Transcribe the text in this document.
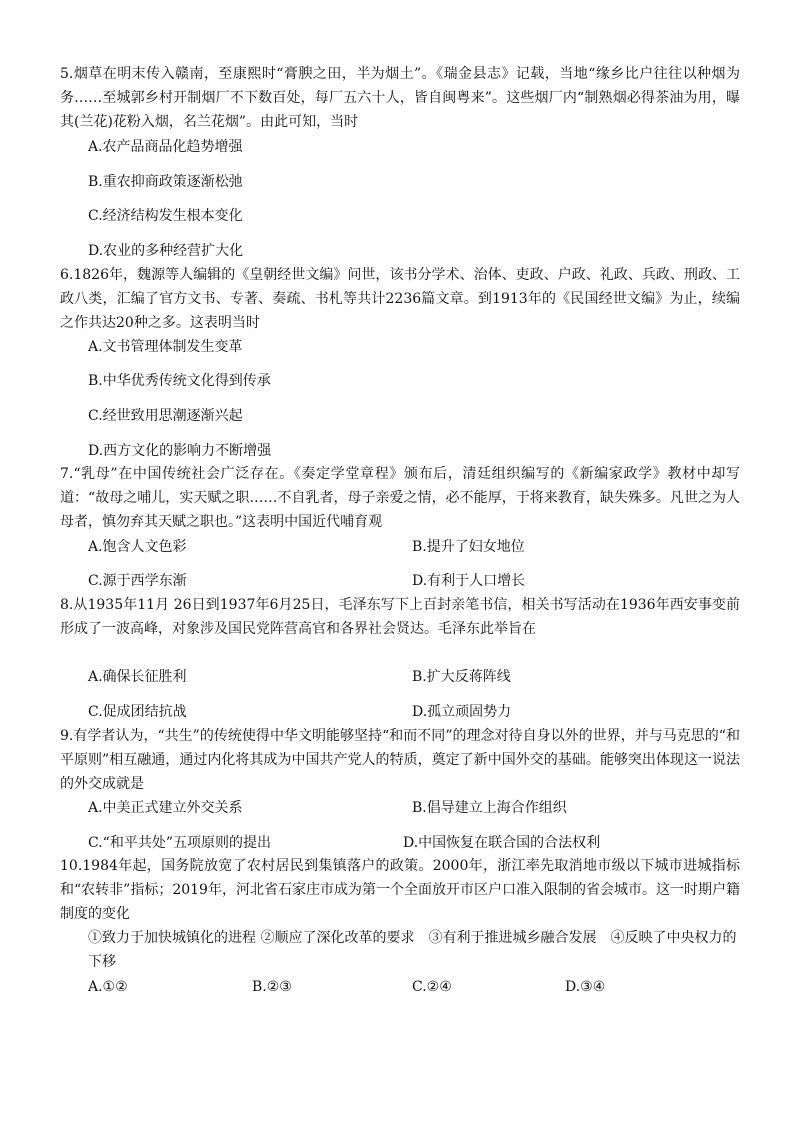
5.烟草在明末传入赣南，至康熙时“膏腴之田，半为烟土”。《瑞金县志》记载，当地“缘乡比户往往以种烟为务……至城郭乡村开制烟厂不下数百处，每厂五六十人，皆自闽粤来”。这些烟厂内“制熟烟必得茶油为用，曝其(兰花)花粉入烟，名兰花烟”。由此可知，当时

A.农产品商品化趋势增强
B.重农抑商政策逐渐松弛
C.经济结构发生根本变化
D.农业的多种经营扩大化

6.1826年，魏源等人编辑的《皇朝经世文编》问世，该书分学术、治体、吏政、户政、礼政、兵政、刑政、工政八类，汇编了官方文书、专著、奏疏、书札等共计2236篇文章。到1913年的《民国经世文编》为止，续编之作共达20种之多。这表明当时

A.文书管理体制发生变革
B.中华优秀传统文化得到传承
C.经世致用思潮逐渐兴起
D.西方文化的影响力不断增强

7.“乳母”在中国传统社会广泛存在。《奏定学堂章程》颁布后，清廷组织编写的《新编家政学》教材中却写道：“故母之哺儿，实天赋之职……不自乳者，母子亲爱之情，必不能厚，于将来教育，缺失殊多。凡世之为人母者，慎勿弃其天赋之职也。”这表明中国近代哺育观

A.饱含人文色彩	B.提升了妇女地位
C.源于西学东渐	D.有利于人口增长

8.从1935年11月 26日到1937年6月25日，毛泽东写下上百封亲笔书信，相关书写活动在1936年西安事变前形成了一波高峰，对象涉及国民党阵营高官和各界社会贤达。毛泽东此举旨在

A.确保长征胜利	B.扩大反蒋阵线
C.促成团结抗战	D.孤立顽固势力

9.有学者认为，“共生”的传统使得中华文明能够坚持“和而不同”的理念对待自身以外的世界，并与马克思的“和平原则”相互融通，通过内化将其成为中国共产党人的特质，奠定了新中国外交的基础。能够突出体现这一说法的外交成就是

A.中美正式建立外交关系	B.倡导建立上海合作组织
C.“和平共处”五项原则的提出	D.中国恢复在联合国的合法权利

10.1984年起，国务院放宽了农村居民到集镇落户的政策。2000年，浙江率先取消地市级以下城市进城指标和“农转非”指标；2019年，河北省石家庄市成为第一个全面放开市区户口准入限制的省会城市。这一时期户籍制度的变化

①致力于加快城镇化的进程 ②顺应了深化改革的要求　③有利于推进城乡融合发展　④反映了中央权力的下移

A.①②	B.②③	C.②④	D.③④
